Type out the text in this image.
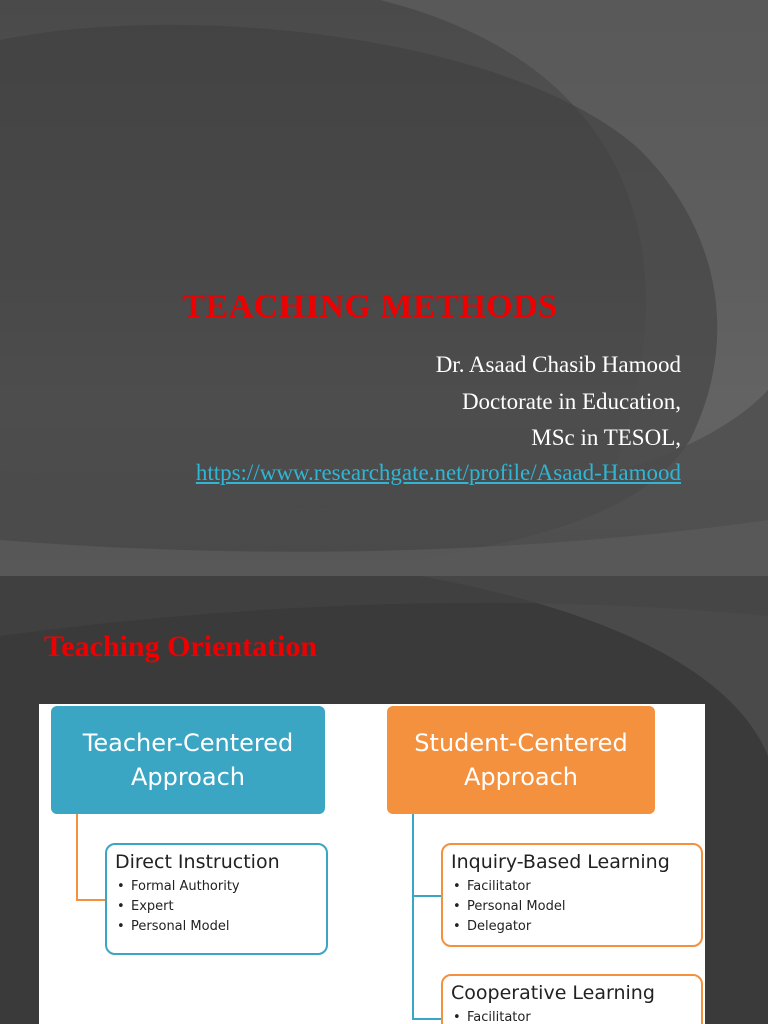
TEACHING METHODS
Dr. Asaad Chasib Hamood
Doctorate in Education,
MSc in TESOL,
https://www.researchgate.net/profile/Asaad-Hamood
Teaching Orientation
Teacher-Centered
Approach
Direct Instruction
• Formal Authority
• Expert
• Personal Model
Student-Centered
Approach
Inquiry-Based Learning
• Facilitator
• Personal Model
• Delegator
Cooperative Learning
• Facilitator
